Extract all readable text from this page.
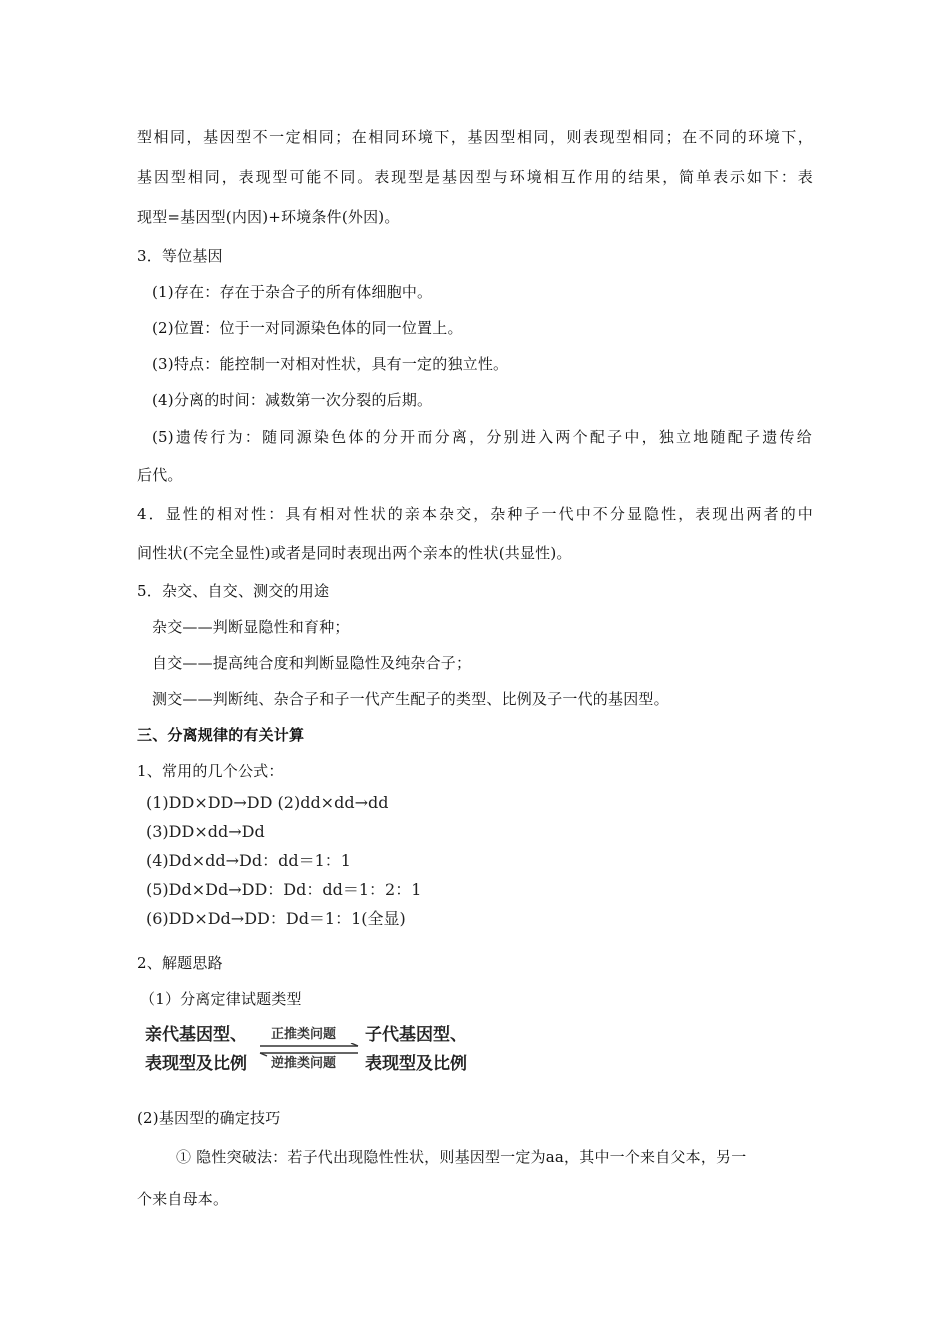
型相同，基因型不一定相同；在相同环境下，基因型相同，则表现型相同；在不同的环境下，
基因型相同，表现型可能不同。表现型是基因型与环境相互作用的结果，简单表示如下：表
现型=基因型(内因)+环境条件(外因)。
3．等位基因
(1)存在：存在于杂合子的所有体细胞中。
(2)位置：位于一对同源染色体的同一位置上。
(3)特点：能控制一对相对性状，具有一定的独立性。
(4)分离的时间：减数第一次分裂的后期。
(5)遗传行为：随同源染色体的分开而分离，分别进入两个配子中，独立地随配子遗传给
后代。
4．显性的相对性：具有相对性状的亲本杂交，杂种子一代中不分显隐性，表现出两者的中
间性状(不完全显性)或者是同时表现出两个亲本的性状(共显性)。
5．杂交、自交、测交的用途
杂交——判断显隐性和育种；
自交——提高纯合度和判断显隐性及纯杂合子；
测交——判断纯、杂合子和子一代产生配子的类型、比例及子一代的基因型。
三、分离规律的有关计算
1、常用的几个公式：
(1)DD×DD→DD (2)dd×dd→dd
(3)DD×dd→Dd
(4)Dd×dd→Dd：dd＝1：1
(5)Dd×Dd→DD：Dd：dd＝1：2：1
(6)DD×Dd→DD：Dd＝1：1(全显)
2、解题思路
（1）分离定律试题类型
亲代基因型、
表现型及比例
正推类问题
逆推类问题
子代基因型、
表现型及比例
(2)基因型的确定技巧
① 隐性突破法：若子代出现隐性性状，则基因型一定为aa，其中一个来自父本，另一
个来自母本。
